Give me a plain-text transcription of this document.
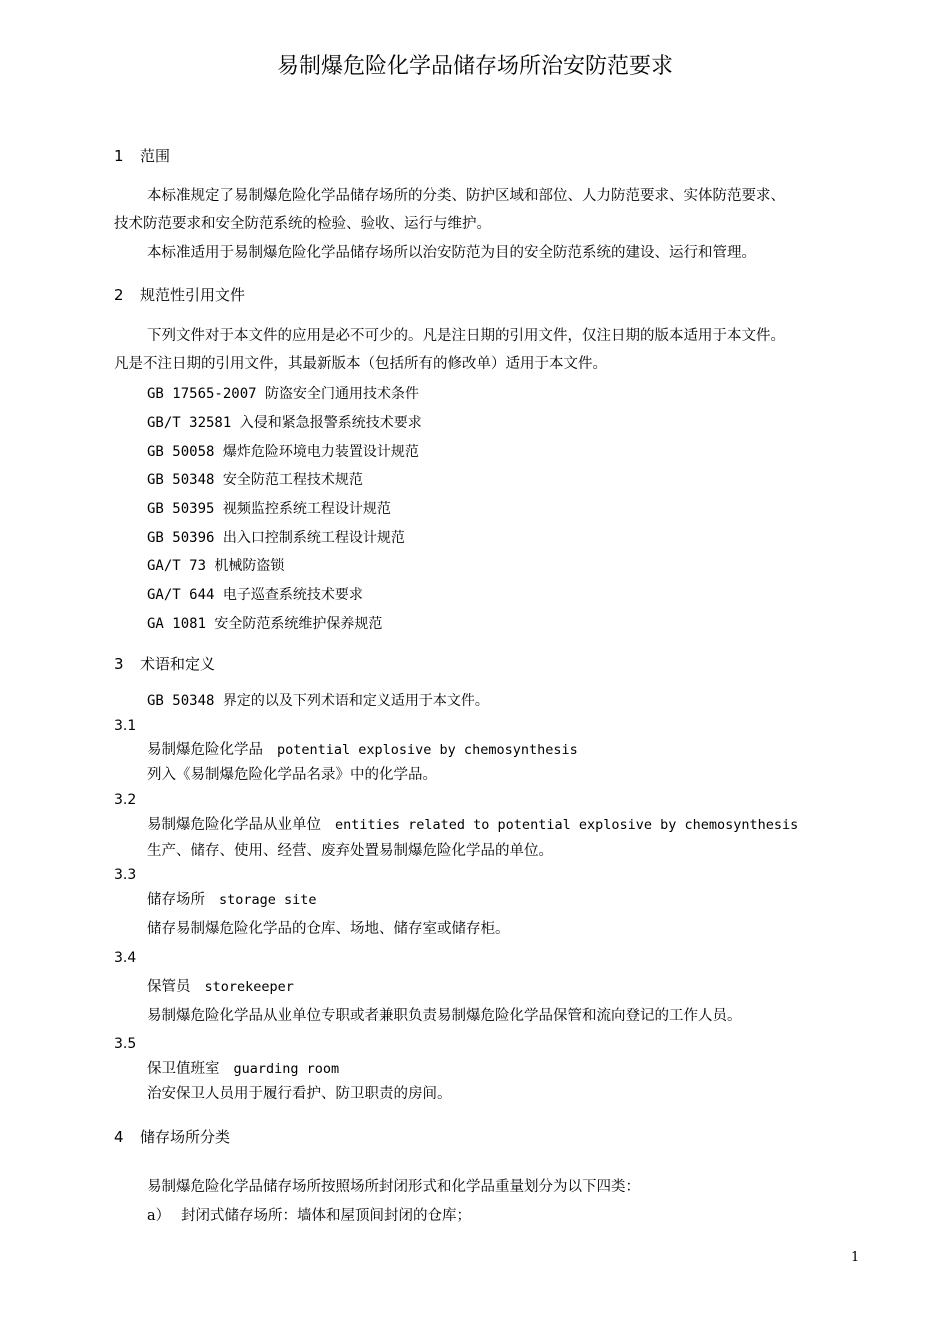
易制爆危险化学品储存场所治安防范要求
1 范围
本标准规定了易制爆危险化学品储存场所的分类、防护区域和部位、人力防范要求、实体防范要求、
技术防范要求和安全防范系统的检验、验收、运行与维护。
本标准适用于易制爆危险化学品储存场所以治安防范为目的安全防范系统的建设、运行和管理。
2 规范性引用文件
下列文件对于本文件的应用是必不可少的。凡是注日期的引用文件，仅注日期的版本适用于本文件。
凡是不注日期的引用文件，其最新版本（包括所有的修改单）适用于本文件。
GB 17565-2007 防盗安全门通用技术条件
GB/T 32581 入侵和紧急报警系统技术要求
GB 50058 爆炸危险环境电力装置设计规范
GB 50348 安全防范工程技术规范
GB 50395 视频监控系统工程设计规范
GB 50396 出入口控制系统工程设计规范
GA/T 73 机械防盗锁
GA/T 644 电子巡查系统技术要求
GA 1081 安全防范系统维护保养规范
3 术语和定义
GB 50348 界定的以及下列术语和定义适用于本文件。
3.1
易制爆危险化学品 potential explosive by chemosynthesis
列入《易制爆危险化学品名录》中的化学品。
3.2
易制爆危险化学品从业单位 entities related to potential explosive by chemosynthesis
生产、储存、使用、经营、废弃处置易制爆危险化学品的单位。
3.3
储存场所 storage site
储存易制爆危险化学品的仓库、场地、储存室或储存柜。
3.4
保管员 storekeeper
易制爆危险化学品从业单位专职或者兼职负责易制爆危险化学品保管和流向登记的工作人员。
3.5
保卫值班室 guarding room
治安保卫人员用于履行看护、防卫职责的房间。
4 储存场所分类
易制爆危险化学品储存场所按照场所封闭形式和化学品重量划分为以下四类：
a） 封闭式储存场所：墙体和屋顶间封闭的仓库；
1
